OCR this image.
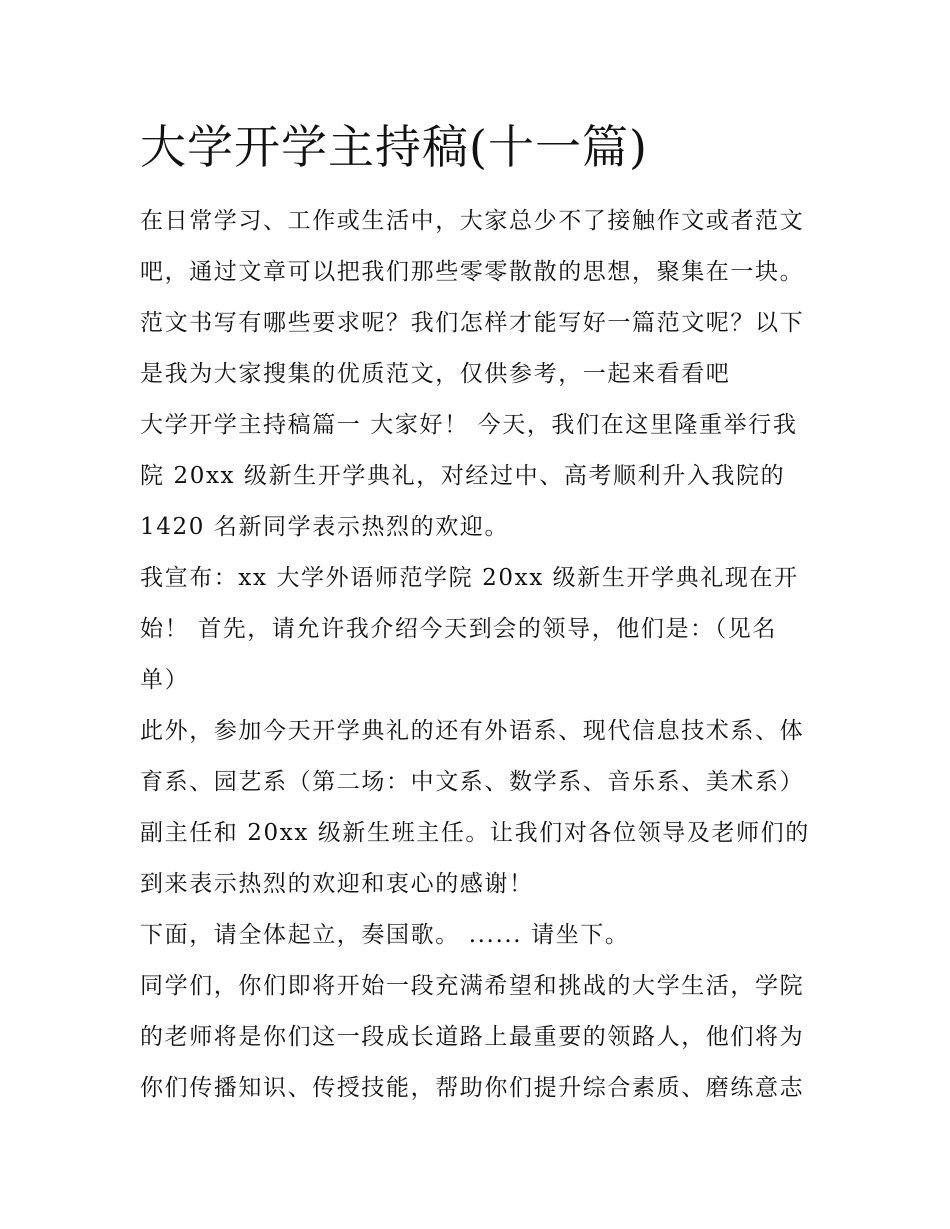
大学开学主持稿(十一篇)
在日常学习、工作或生活中，大家总少不了接触作文或者范文
吧，通过文章可以把我们那些零零散散的思想，聚集在一块。
范文书写有哪些要求呢？我们怎样才能写好一篇范文呢？以下
是我为大家搜集的优质范文，仅供参考，一起来看看吧
大学开学主持稿篇一 大家好！ 今天，我们在这里隆重举行我
院 20xx 级新生开学典礼，对经过中、高考顺利升入我院的
1420 名新同学表示热烈的欢迎。
我宣布：xx 大学外语师范学院 20xx 级新生开学典礼现在开
始！ 首先，请允许我介绍今天到会的领导，他们是：（见名
单）
此外，参加今天开学典礼的还有外语系、现代信息技术系、体
育系、园艺系（第二场：中文系、数学系、音乐系、美术系）
副主任和 20xx 级新生班主任。让我们对各位领导及老师们的
到来表示热烈的欢迎和衷心的感谢！
下面，请全体起立，奏国歌。 ...... 请坐下。
同学们，你们即将开始一段充满希望和挑战的大学生活，学院
的老师将是你们这一段成长道路上最重要的领路人，他们将为
你们传播知识、传授技能，帮助你们提升综合素质、磨练意志
